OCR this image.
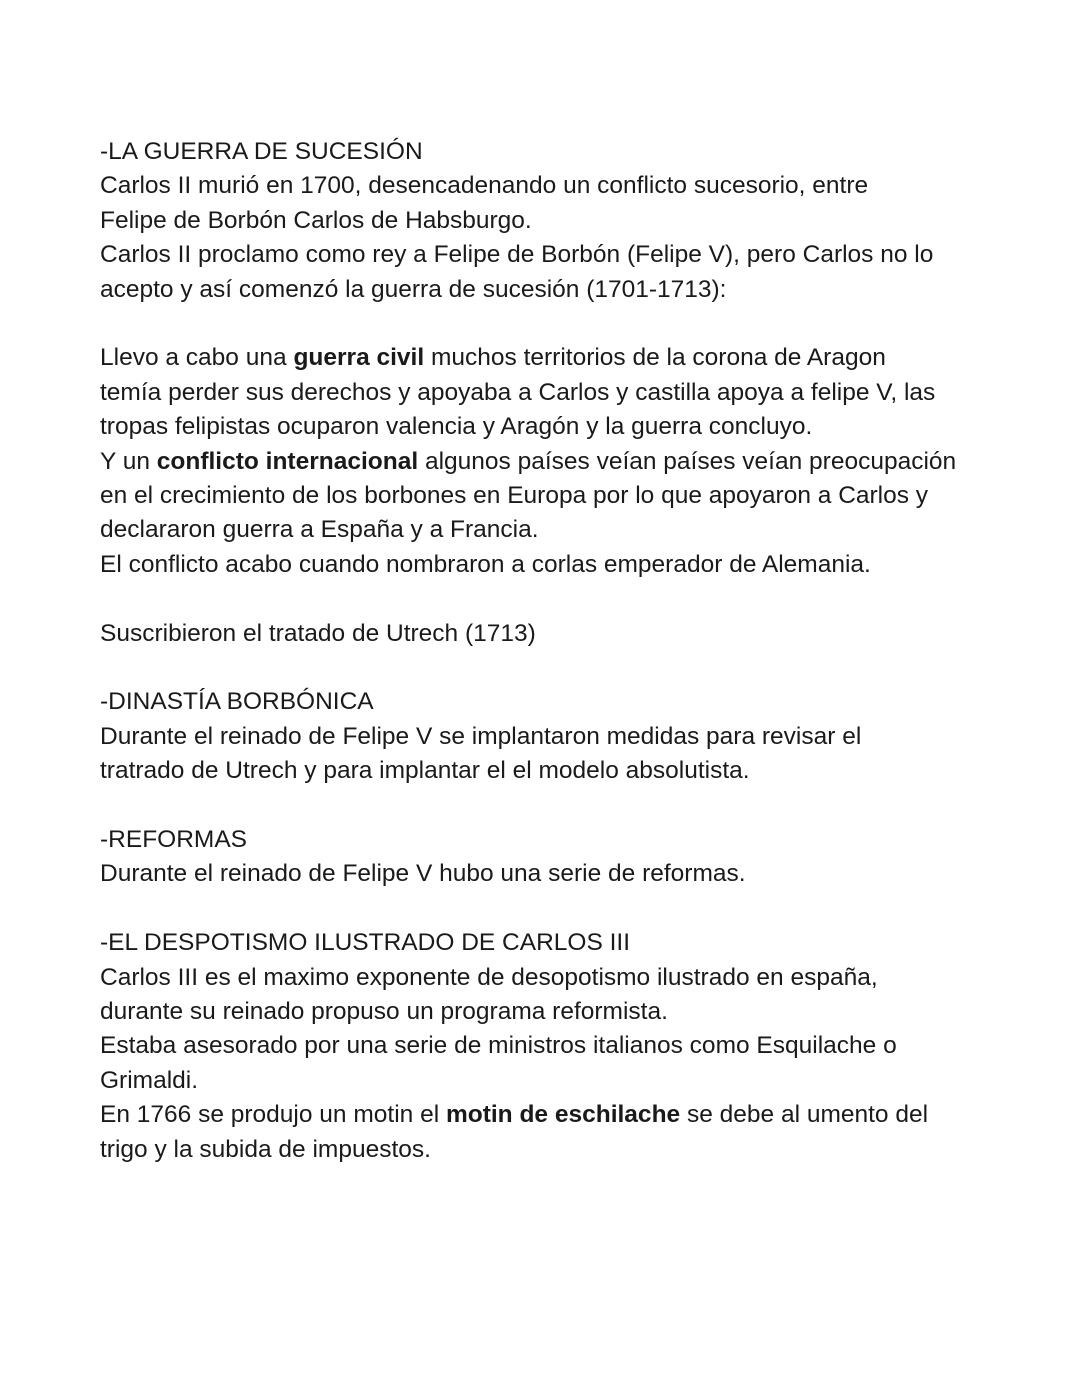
-LA GUERRA DE SUCESIÓN
Carlos II murió en 1700, desencadenando un conflicto sucesorio, entre
Felipe de Borbón Carlos de Habsburgo.
Carlos II proclamo como rey a Felipe de Borbón (Felipe V), pero Carlos no lo
acepto y así comenzó la guerra de sucesión (1701-1713):
Llevo a cabo una guerra civil muchos territorios de la corona de Aragon
temía perder sus derechos y apoyaba a Carlos y castilla apoya a felipe V, las
tropas felipistas ocuparon valencia y Aragón y la guerra concluyo.
Y un conflicto internacional algunos países veían países veían preocupación
en el crecimiento de los borbones en Europa por lo que apoyaron a Carlos y
declararon guerra a España y a Francia.
El conflicto acabo cuando nombraron a corlas emperador de Alemania.
Suscribieron el tratado de Utrech (1713)
-DINASTÍA BORBÓNICA
Durante el reinado de Felipe V se implantaron medidas para revisar el
tratrado de Utrech y para implantar el el modelo absolutista.
-REFORMAS
Durante el reinado de Felipe V hubo una serie de reformas.
-EL DESPOTISMO ILUSTRADO DE CARLOS III
Carlos III es el maximo exponente de desopotismo ilustrado en españa,
durante su reinado propuso un programa reformista.
Estaba asesorado por una serie de ministros italianos como Esquilache o
Grimaldi.
En 1766 se produjo un motin el motin de eschilache se debe al umento del
trigo y la subida de impuestos.
